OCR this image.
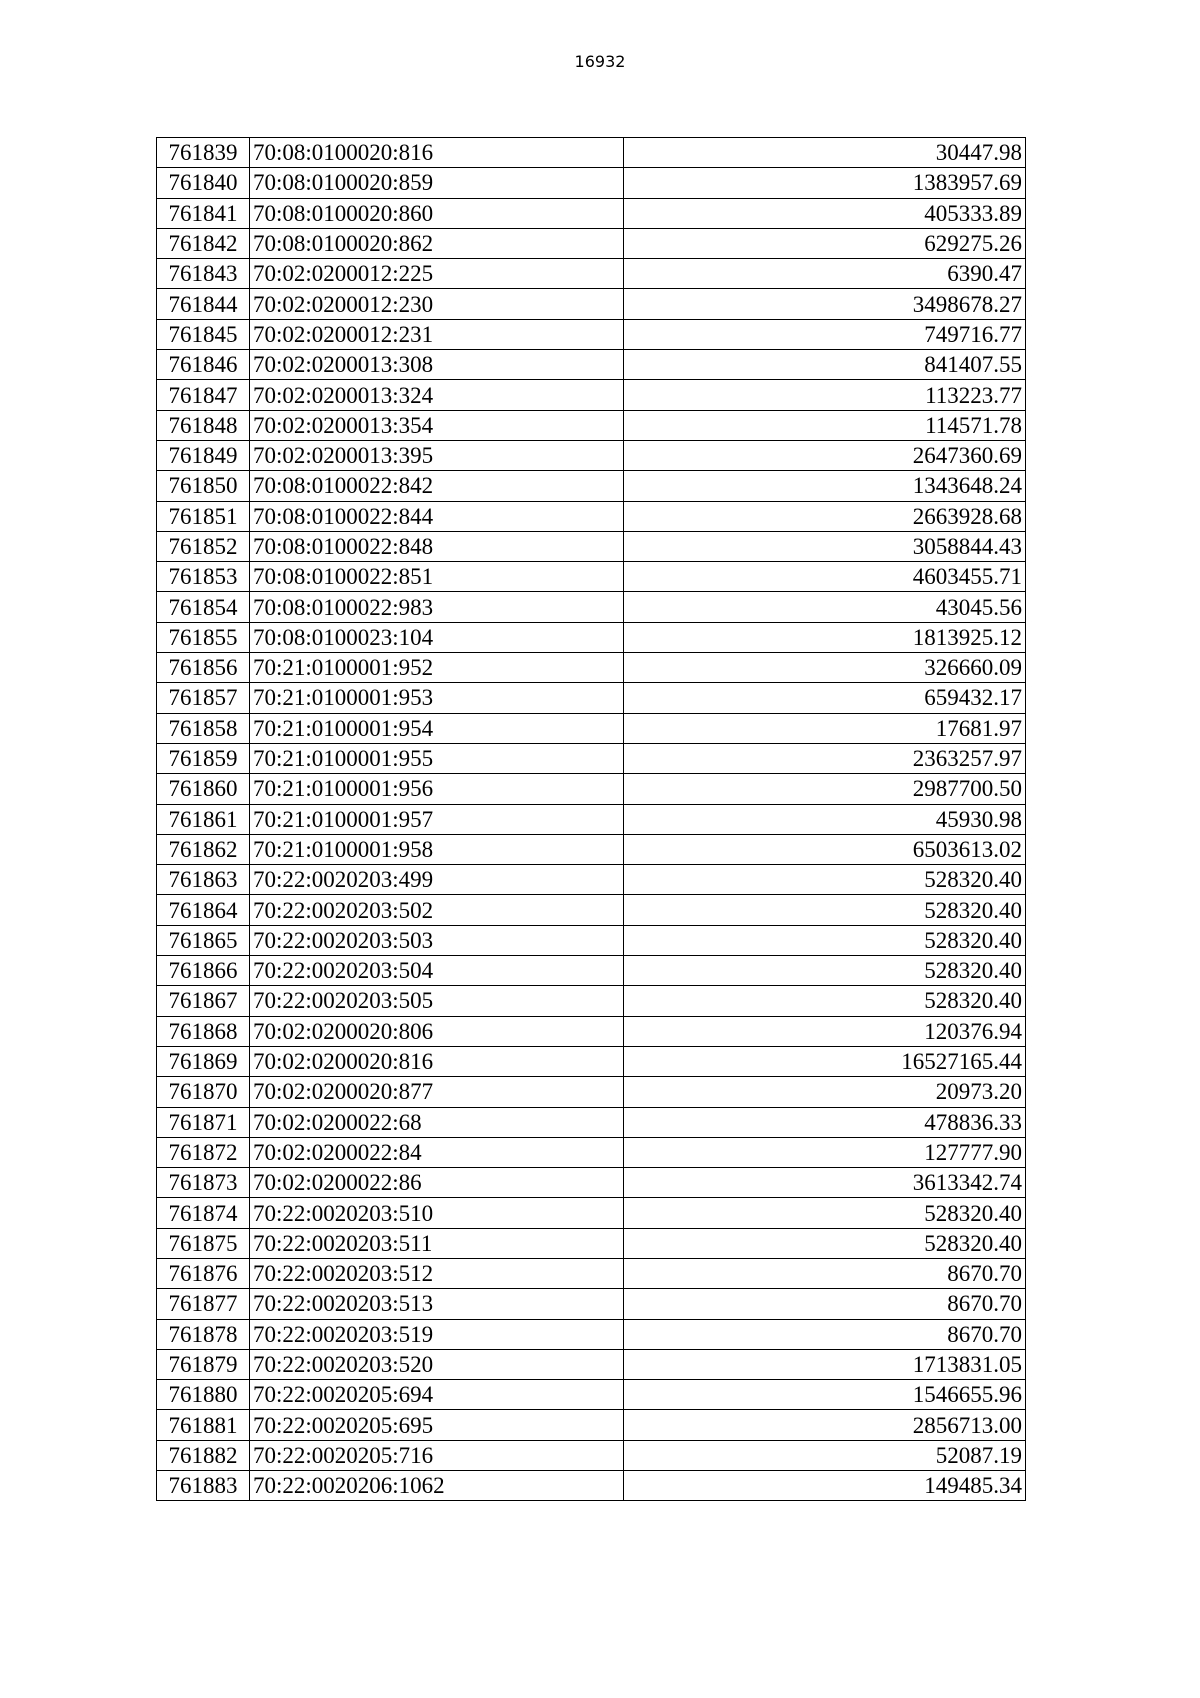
16932
761839	70:08:0100020:816	30447.98
761840	70:08:0100020:859	1383957.69
761841	70:08:0100020:860	405333.89
761842	70:08:0100020:862	629275.26
761843	70:02:0200012:225	6390.47
761844	70:02:0200012:230	3498678.27
761845	70:02:0200012:231	749716.77
761846	70:02:0200013:308	841407.55
761847	70:02:0200013:324	113223.77
761848	70:02:0200013:354	114571.78
761849	70:02:0200013:395	2647360.69
761850	70:08:0100022:842	1343648.24
761851	70:08:0100022:844	2663928.68
761852	70:08:0100022:848	3058844.43
761853	70:08:0100022:851	4603455.71
761854	70:08:0100022:983	43045.56
761855	70:08:0100023:104	1813925.12
761856	70:21:0100001:952	326660.09
761857	70:21:0100001:953	659432.17
761858	70:21:0100001:954	17681.97
761859	70:21:0100001:955	2363257.97
761860	70:21:0100001:956	2987700.50
761861	70:21:0100001:957	45930.98
761862	70:21:0100001:958	6503613.02
761863	70:22:0020203:499	528320.40
761864	70:22:0020203:502	528320.40
761865	70:22:0020203:503	528320.40
761866	70:22:0020203:504	528320.40
761867	70:22:0020203:505	528320.40
761868	70:02:0200020:806	120376.94
761869	70:02:0200020:816	16527165.44
761870	70:02:0200020:877	20973.20
761871	70:02:0200022:68	478836.33
761872	70:02:0200022:84	127777.90
761873	70:02:0200022:86	3613342.74
761874	70:22:0020203:510	528320.40
761875	70:22:0020203:511	528320.40
761876	70:22:0020203:512	8670.70
761877	70:22:0020203:513	8670.70
761878	70:22:0020203:519	8670.70
761879	70:22:0020203:520	1713831.05
761880	70:22:0020205:694	1546655.96
761881	70:22:0020205:695	2856713.00
761882	70:22:0020205:716	52087.19
761883	70:22:0020206:1062	149485.34
